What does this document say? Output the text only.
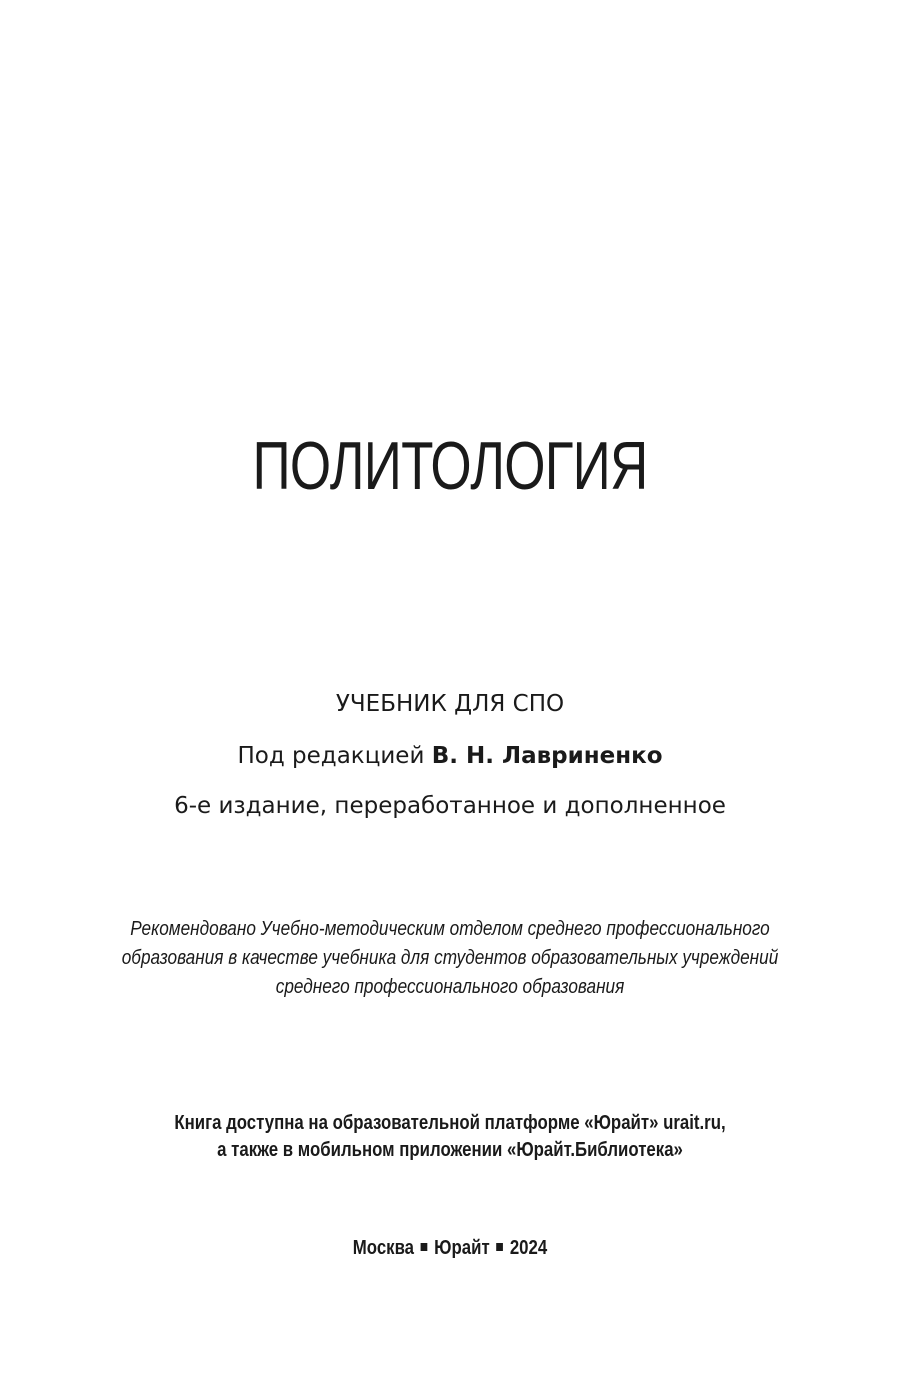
ПОЛИТОЛОГИЯ
УЧЕБНИК ДЛЯ СПО
Под редакцией В. Н. Лавриненко
6-е издание, переработанное и дополненное
Рекомендовано Учебно-методическим отделом среднего профессионального
образования в качестве учебника для студентов образовательных учреждений
среднего профессионального образования
Книга доступна на образовательной платформе «Юрайт» urait.ru,
а также в мобильном приложении «Юрайт.Библиотека»
Москва Юрайт 2024
